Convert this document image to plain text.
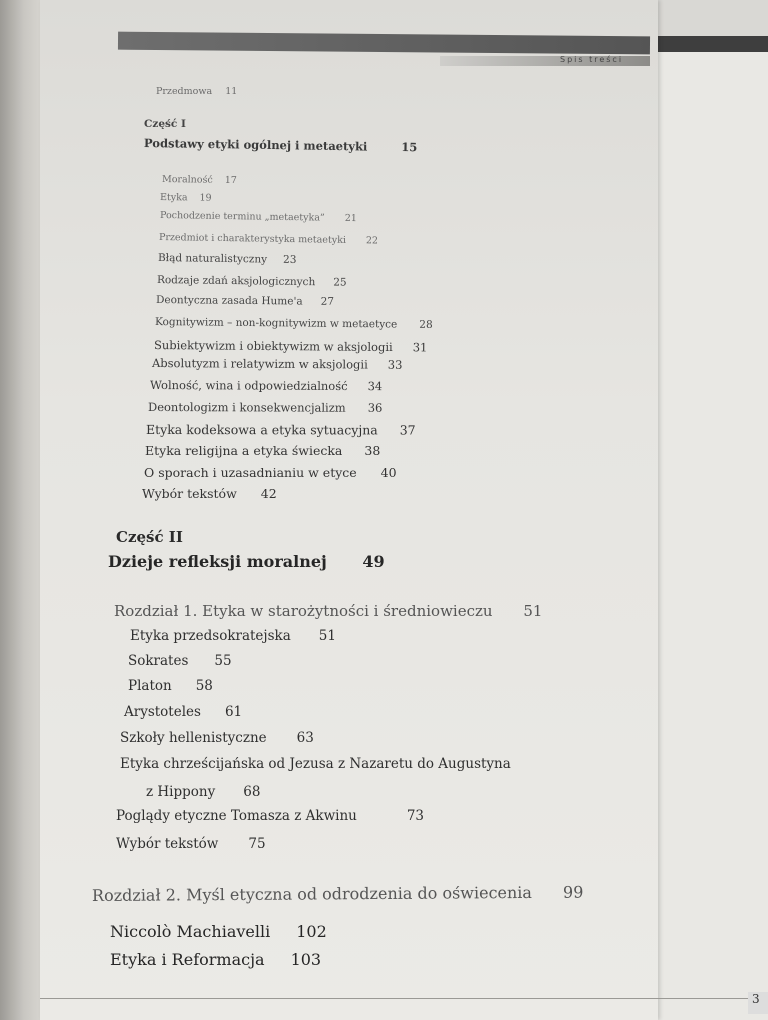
Spis treści
Przedmowa 11
Część I
Podstawy etyki ogólnej i metaetyki	15
Moralność 17
Etyka 19
Pochodzenie terminu „metaetyka” 21
Przedmiot i charakterystyka metaetyki 22
Błąd naturalistyczny 23
Rodzaje zdań aksjologicznych 25
Deontyczna zasada Hume'a 27
Kognitywizm – non-kognitywizm w metaetyce 28
Subiektywizm i obiektywizm w aksjologii 31
Absolutyzm i relatywizm w aksjologii 33
Wolność, wina i odpowiedzialność 34
Deontologizm i konsekwencjalizm 36
Etyka kodeksowa a etyka sytuacyjna 37
Etyka religijna a etyka świecka 38
O sporach i uzasadnianiu w etyce 40
Wybór tekstów 42
Część II
Dzieje refleksji moralnej 49
Rozdział 1. Etyka w starożytności i średniowieczu 51
Etyka przedsokratejska 51
Sokrates 55
Platon 58
Arystoteles 61
Szkoły hellenistyczne 63
Etyka chrześcijańska od Jezusa z Nazaretu do Augustyna
z Hippony 68
Poglądy etyczne Tomasza z Akwinu	73
Wybór tekstów 75
Rozdział 2. Myśl etyczna od odrodzenia do oświecenia 99
Niccolò Machiavelli 102
Etyka i Reformacja 103
3
